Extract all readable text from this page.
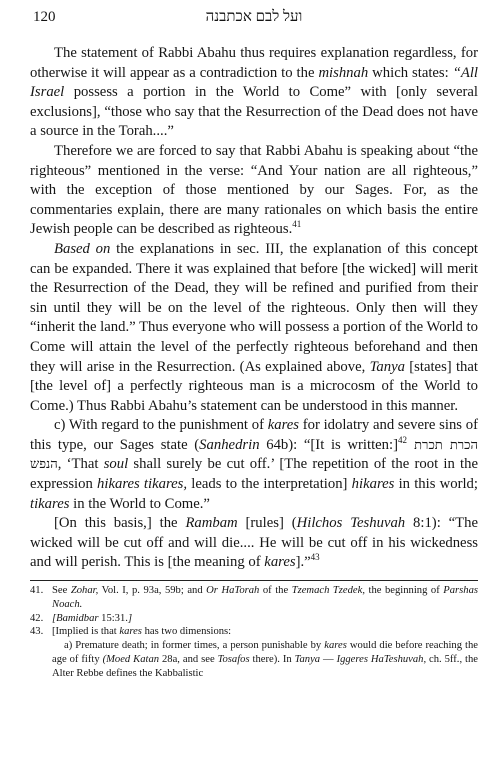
120	ועל לבם אכתבנה

The statement of Rabbi Abahu thus requires explanation regardless, for otherwise it will appear as a contradiction to the mishnah which states: “All Israel possess a portion in the World to Come” with [only several exclusions], “those who say that the Resurrection of the Dead does not have a source in the Torah....”

Therefore we are forced to say that Rabbi Abahu is speaking about “the righteous” mentioned in the verse: “And Your nation are all righteous,” with the exception of those mentioned by our Sages. For, as the commentaries explain, there are many rationales on which basis the entire Jewish people can be described as righteous.$^{41}$

Based on the explanations in sec. III, the explanation of this concept can be expanded. There it was explained that before [the wicked] will merit the Resurrection of the Dead, they will be refined and purified from their sin until they will be on the level of the righteous. Only then will they “inherit the land.” Thus everyone who will possess a portion of the World to Come will attain the level of the perfectly righteous beforehand and then they will arise in the Resurrection. (As explained above, Tanya [states] that [the level of] a perfectly righteous man is a microcosm of the World to Come.) Thus Rabbi Abahu’s statement can be understood in this manner.

c) With regard to the punishment of kares for idolatry and severe sins of this type, our Sages state (Sanhedrin 64b): “[It is written:]$^{42}$ הכרת תכרת הנפש, ‘That soul shall surely be cut off.’ [The repetition of the root in the expression hikares tikares, leads to the interpretation] hikares in this world; tikares in the World to Come.”

[On this basis,] the Rambam [rules] (Hilchos Teshuvah 8:1): “The wicked will be cut off and will die.... He will be cut off in his wickedness and will perish. This is [the meaning of kares].”$^{43}$

41. See Zohar, Vol. I, p. 93a, 59b; and Or HaTorah of the Tzemach Tzedek, the beginning of Parshas Noach.
42. [Bamidbar 15:31.]
43. [Implied is that kares has two dimensions:
a) Premature death; in former times, a person punishable by kares would die before reaching the age of fifty (Moed Katan 28a, and see Tosafos there). In Tanya — Iggeres HaTeshuvah, ch. 5ff., the Alter Rebbe defines the Kabbalistic
